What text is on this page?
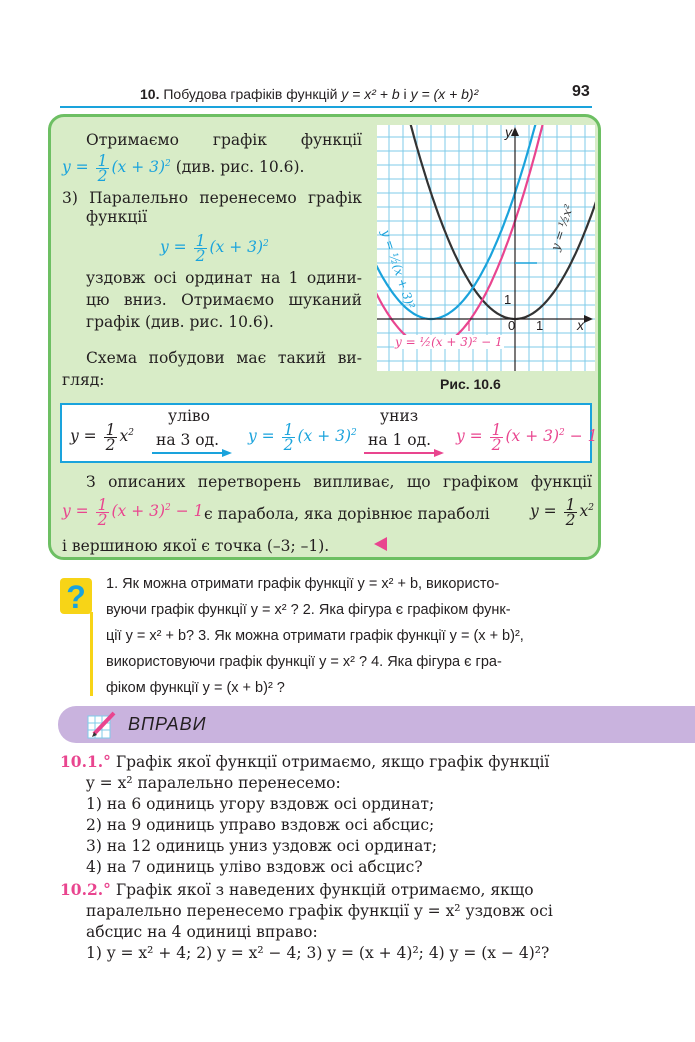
10. Побудова графіків функцій y = x² + b і y = (x + b)²	93
Отримаємо графік функції
$y = \frac{1}{2} (x + 3)^2$ (див. рис. 10.6).
3) Паралельно перенесемо графік
функції
$y = \frac{1}{2} (x + 3)^2$
уздовж осі ординат на 1 одини-
цю вниз. Отримаємо шуканий
графік (див. рис. 10.6).
Схема побудови має такий ви-
гляд:
x
y
0 1
1
y = ½(x + 3)² − 1
y = ½(x + 3)²
y = ½x²
Рис. 10.6
$y = \frac{1}{2} x^2$
уліво
на 3 од. $y = \frac{1}{2} (x + 3)^2$
униз
на 1 од. $y = \frac{1}{2} (x + 3)^2 - 1$
З описаних перетворень випливає, що графіком функції
$y = \frac{1}{2} (x + 3)^2 - 1$ є парабола, яка дорівнює параболі	$y = \frac{1}{2} x^2$
і вершиною якої є точка (–3; –1).
? 1. Як можна отримати графік функції y = x² + b, використо-
вуючи графік функції y = x² ? 2. Яка фігура є графіком функ-
ції y = x² + b? 3. Як можна отримати графік функції y = (x + b)²,
використовуючи графік функції y = x² ? 4. Яка фігура є гра-
фіком функції y = (x + b)² ?
ВПРАВИ
10.1.° Графік якої функції отримаємо, якщо графік функції
y = x² паралельно перенесемо:
1) на 6 одиниць угору вздовж осі ординат;
2) на 9 одиниць управо вздовж осі абсцис;
3) на 12 одиниць униз уздовж осі ординат;
4) на 7 одиниць уліво вздовж осі абсцис?
10.2.° Графік якої з наведених функцій отримаємо, якщо
паралельно перенесемо графік функції y = x² уздовж осі
абсцис на 4 одиниці вправо:
1) y = x² + 4; 2) y = x² − 4; 3) y = (x + 4)²; 4) y = (x − 4)²?
